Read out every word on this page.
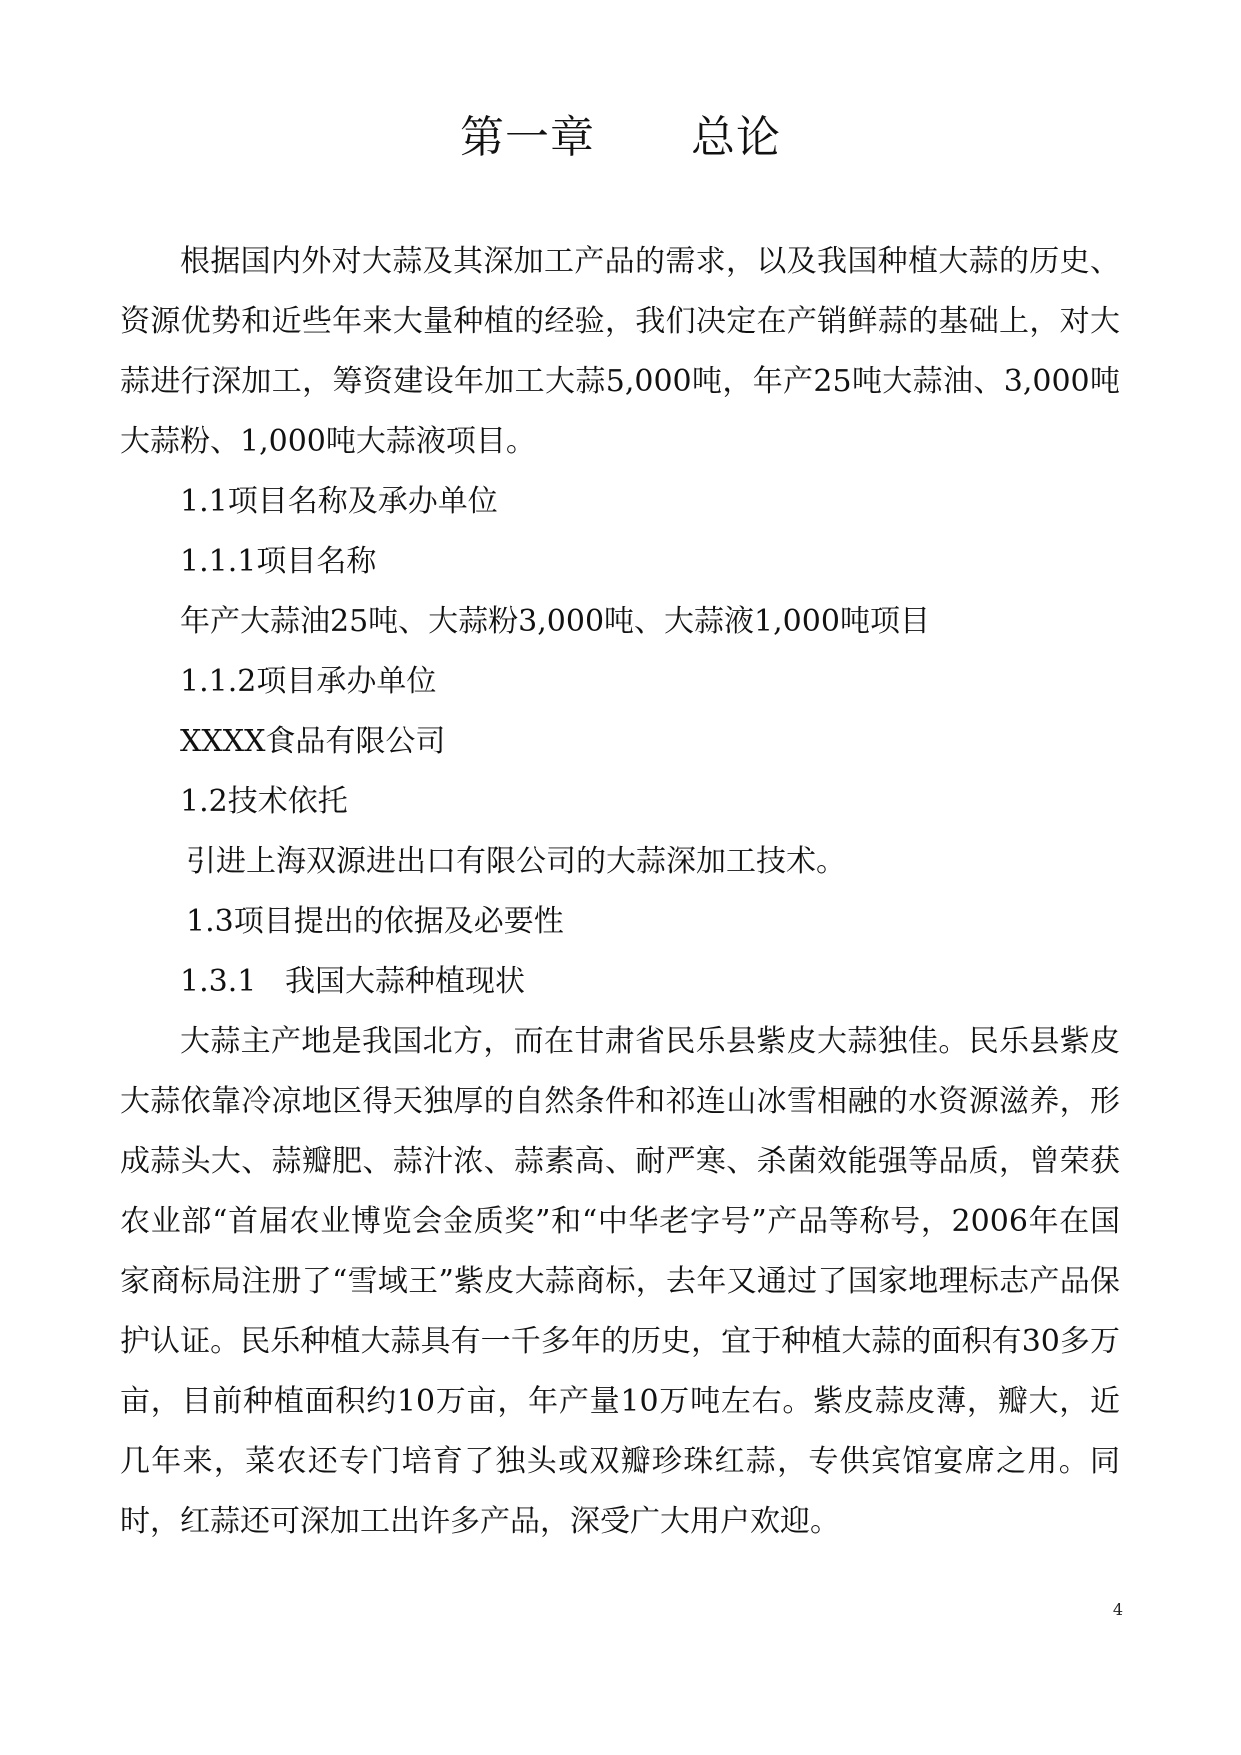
第一章 总论

根据国内外对大蒜及其深加工产品的需求，以及我国种植大蒜的历史、资源优势和近些年来大量种植的经验，我们决定在产销鲜蒜的基础上，对大蒜进行深加工，筹资建设年加工大蒜5,000吨，年产25吨大蒜油、3,000吨大蒜粉、1,000吨大蒜液项目。

1.1项目名称及承办单位

1.1.1项目名称

年产大蒜油25吨、大蒜粉3,000吨、大蒜液1,000吨项目

1.1.2项目承办单位

XXXX食品有限公司

1.2技术依托

引进上海双源进出口有限公司的大蒜深加工技术。

1.3项目提出的依据及必要性

1.3.1   我国大蒜种植现状

大蒜主产地是我国北方，而在甘肃省民乐县紫皮大蒜独佳。民乐县紫皮大蒜依靠冷凉地区得天独厚的自然条件和祁连山冰雪相融的水资源滋养，形成蒜头大、蒜瓣肥、蒜汁浓、蒜素高、耐严寒、杀菌效能强等品质，曾荣获农业部“首届农业博览会金质奖”和“中华老字号”产品等称号，2006年在国家商标局注册了“雪域王”紫皮大蒜商标，去年又通过了国家地理标志产品保护认证。民乐种植大蒜具有一千多年的历史，宜于种植大蒜的面积有30多万亩，目前种植面积约10万亩，年产量10万吨左右。紫皮蒜皮薄，瓣大，近几年来，菜农还专门培育了独头或双瓣珍珠红蒜，专供宾馆宴席之用。同时，红蒜还可深加工出许多产品，深受广大用户欢迎。

4
